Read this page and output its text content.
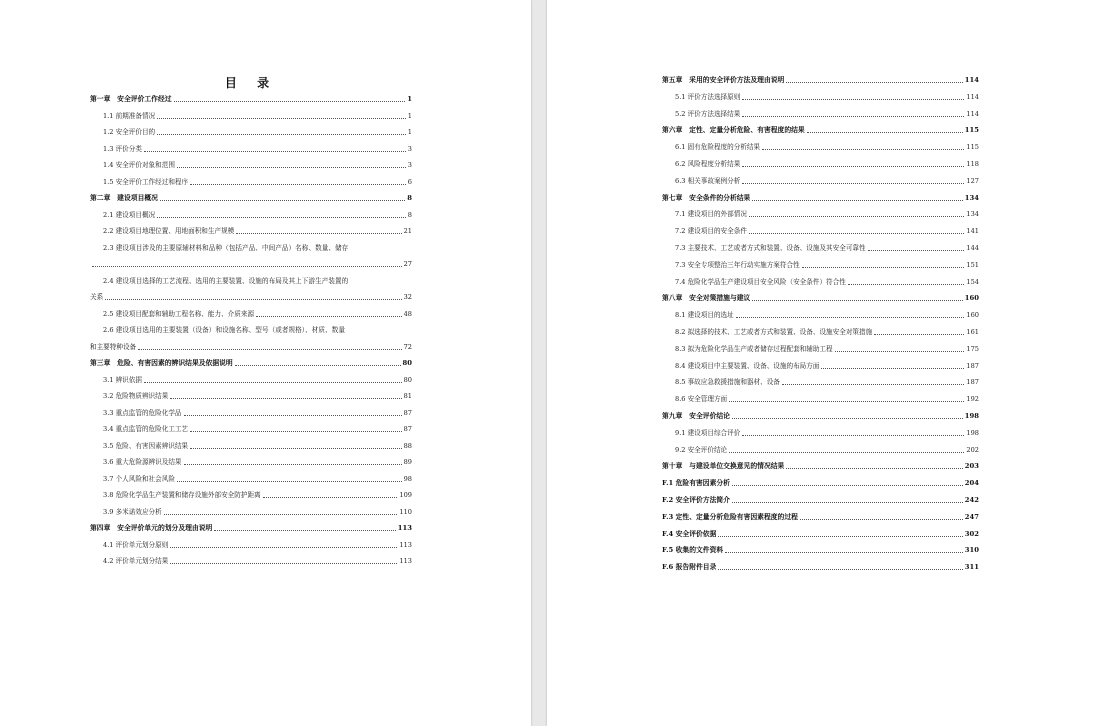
目 录
第一章　安全评价工作经过	1
1.1 前期准备情况	1
1.2 安全评价目的	1
1.3 评价分类	3
1.4 安全评价对象和范围	3
1.5 安全评价工作经过和程序	6
第二章　建设项目概况	8
2.1 建设项目概况	8
2.2 建设项目地理位置、用地面积和生产规模	21
2.3 建设项目涉及的主要原辅材料和品种（包括产品、中间产品）名称、数量、储存
27
2.4 建设项目选择的工艺流程、选用的主要装置、设施的布局及其上下游生产装置的
关系	32
2.5 建设项目配套和辅助工程名称、能力、介质来源	48
2.6 建设项目选用的主要装置（设备）和设施名称、型号（或者规格）、材质、数量
和主要特种设备	72
第三章　危险、有害因素的辨识结果及依据说明	80
3.1 辨识依据	80
3.2 危险物质辨识结果	81
3.3 重点监管的危险化学品	87
3.4 重点监管的危险化工工艺	87
3.5 危险、有害因素辨识结果	88
3.6 重大危险源辨识及结果	89
3.7 个人风险和社会风险	98
3.8 危险化学品生产装置和储存设施外部安全防护距离	109
3.9 多米诺效应分析	110
第四章　安全评价单元的划分及理由说明	113
4.1 评价单元划分原则	113
4.2 评价单元划分结果	113
第五章　采用的安全评价方法及理由说明	114
5.1 评价方法选择原则	114
5.2 评价方法选择结果	114
第六章　定性、定量分析危险、有害程度的结果	115
6.1 固有危险程度的分析结果	115
6.2 风险程度分析结果	118
6.3 相关事故案例分析	127
第七章　安全条件的分析结果	134
7.1 建设项目的外部情况	134
7.2 建设项目的安全条件	141
7.3 主要技术、工艺或者方式和装置、设备、设施及其安全可靠性	144
7.3 安全专项整治三年行动实施方案符合性	151
7.4 危险化学品生产建设项目安全风险（安全条件）符合性	154
第八章　安全对策措施与建议	160
8.1 建设项目的选址	160
8.2 拟选择的技术、工艺或者方式和装置、设备、设施安全对策措施	161
8.3 拟为危险化学品生产或者储存过程配套和辅助工程	175
8.4 建设项目中主要装置、设备、设施的布局方面	187
8.5 事故应急救援措施和器材、设备	187
8.6 安全管理方面	192
第九章　安全评价结论	198
9.1 建设项目综合评价	198
9.2 安全评价结论	202
第十章　与建设单位交换意见的情况结果	203
F.1 危险有害因素分析	204
F.2 安全评价方法简介	242
F.3 定性、定量分析危险有害因素程度的过程	247
F.4 安全评价依据	302
F.5 收集的文件资料	310
F.6 报告附件目录	311
